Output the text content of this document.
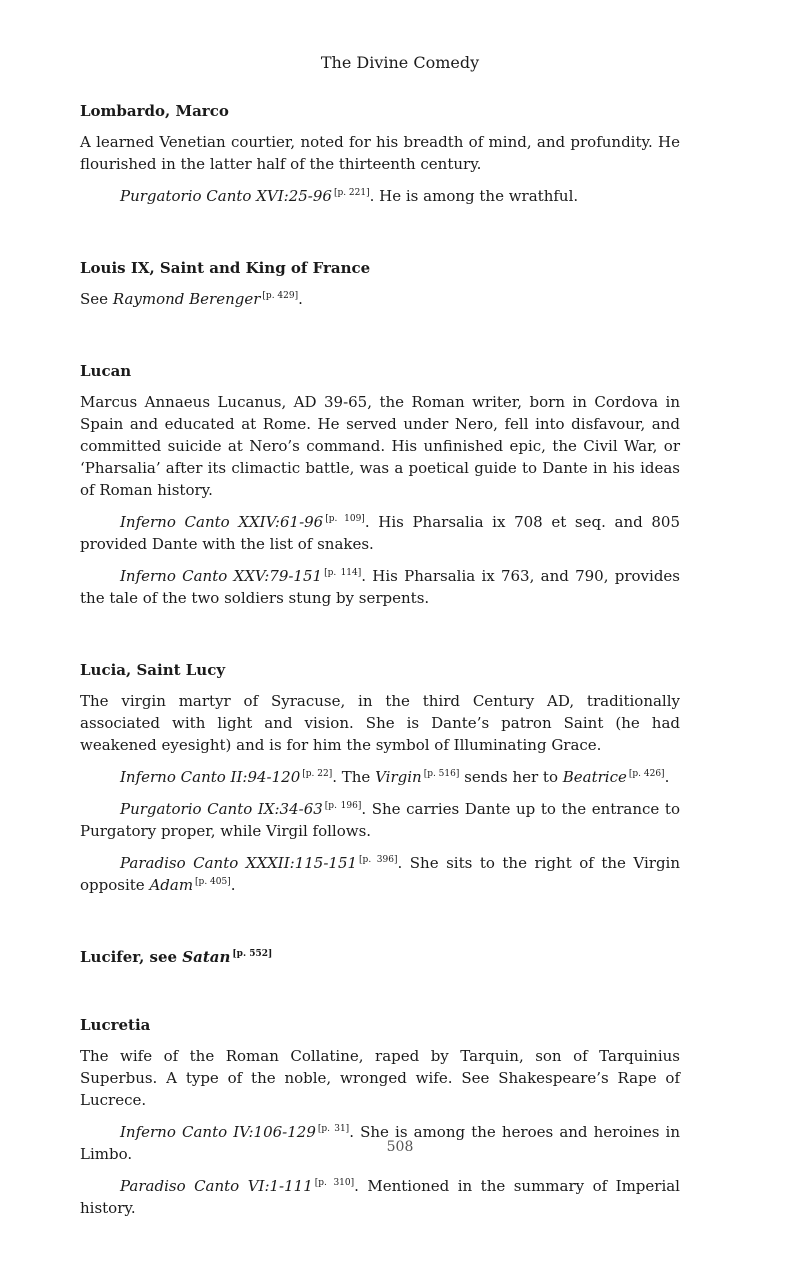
The Divine Comedy

Lombardo, Marco

A learned Venetian courtier, noted for his breadth of mind, and profundity. He flourished in the latter half of the thirteenth century.

Purgatorio Canto XVI:25-96 [p. 221]. He is among the wrathful.

Louis IX, Saint and King of France

See Raymond Berenger [p. 429].

Lucan

Marcus Annaeus Lucanus, AD 39-65, the Roman writer, born in Cordova in Spain and educated at Rome. He served under Nero, fell into disfavour, and committed suicide at Nero’s command. His unfinished epic, the Civil War, or ‘Pharsalia’ after its climactic battle, was a poetical guide to Dante in his ideas of Roman history.

Inferno Canto XXIV:61-96 [p. 109]. His Pharsalia ix 708 et seq. and 805 provided Dante with the list of snakes.

Inferno Canto XXV:79-151 [p. 114]. His Pharsalia ix 763, and 790, provides the tale of the two soldiers stung by serpents.

Lucia, Saint Lucy

The virgin martyr of Syracuse, in the third Century AD, traditionally associated with light and vision. She is Dante’s patron Saint (he had weakened eyesight) and is for him the symbol of Illuminating Grace.

Inferno Canto II:94-120 [p. 22]. The Virgin [p. 516] sends her to Beatrice [p. 426].

Purgatorio Canto IX:34-63 [p. 196]. She carries Dante up to the entrance to Purgatory proper, while Virgil follows.

Paradiso Canto XXXII:115-151 [p. 396]. She sits to the right of the Virgin opposite Adam [p. 405].

Lucifer, see Satan [p. 552]

Lucretia

The wife of the Roman Collatine, raped by Tarquin, son of Tarquinius Superbus. A type of the noble, wronged wife. See Shakespeare’s Rape of Lucrece.

Inferno Canto IV:106-129 [p. 31]. She is among the heroes and heroines in Limbo.

Paradiso Canto VI:1-111 [p. 310]. Mentioned in the summary of Imperial history.

508
